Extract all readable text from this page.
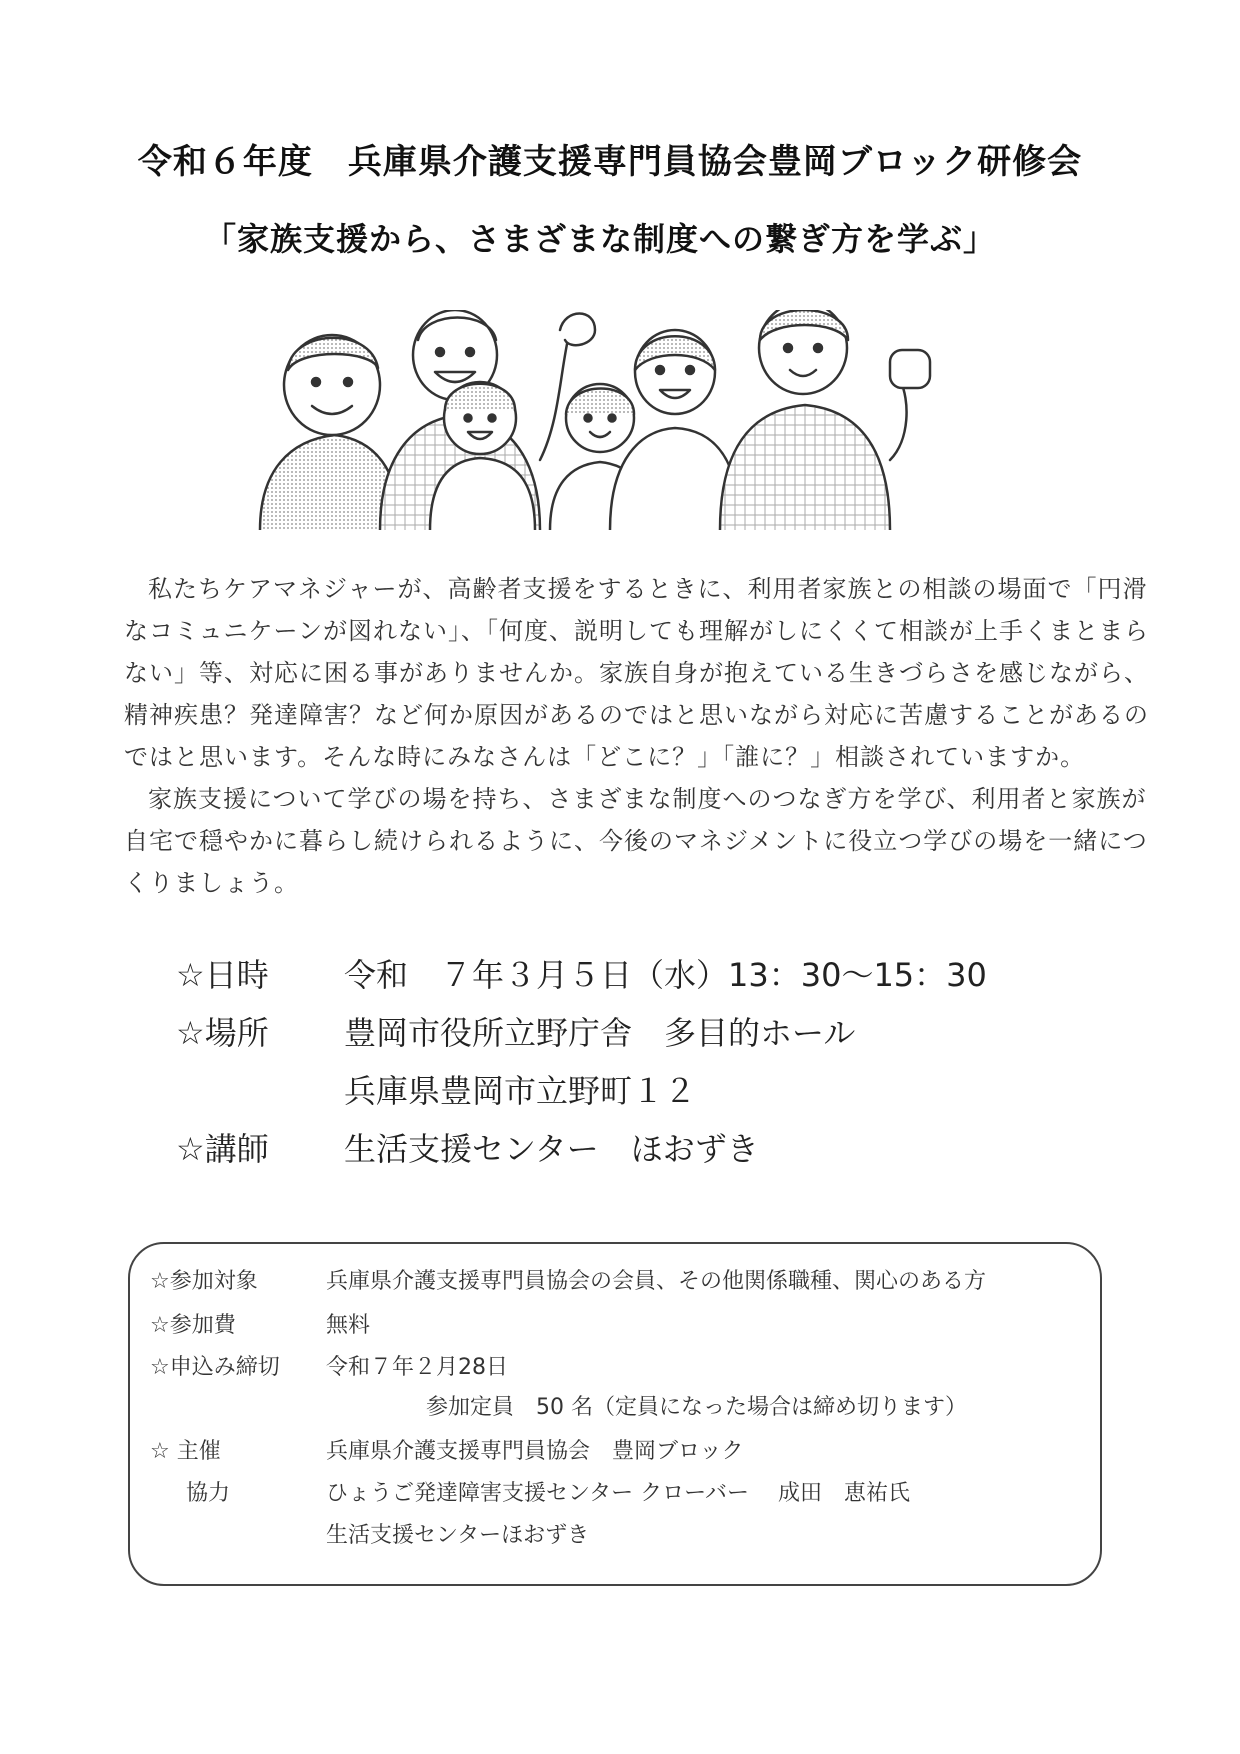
令和６年度　兵庫県介護支援専門員協会豊岡ブロック研修会
「家族支援から、さまざまな制度への繋ぎ方を学ぶ」

私たちケアマネジャーが、高齢者支援をするときに、利用者家族との相談の場面で「円滑なコミュニケーンが図れない」、「何度、説明しても理解がしにくくて相談が上手くまとまらない」等、対応に困る事がありませんか。家族自身が抱えている生きづらさを感じながら、精神疾患？発達障害？など何か原因があるのではと思いながら対応に苦慮することがあるのではと思います。そんな時にみなさんは「どこに？」「誰に？」相談されていますか。

家族支援について学びの場を持ち、さまざまな制度へのつなぎ方を学び、利用者と家族が自宅で穏やかに暮らし続けられるように、今後のマネジメントに役立つ学びの場を一緒につくりましょう。

☆日時	令和　７年３月５日（水）13：30〜15：30
☆場所	豊岡市役所立野庁舎　多目的ホール
兵庫県豊岡市立野町１２
☆講師	生活支援センター　ほおずき
☆参加対象	兵庫県介護支援専門員協会の会員、その他関係職種、関心のある方
☆参加費	無料
☆申込み締切	令和７年２月28日
参加定員　50 名（定員になった場合は締め切ります）
☆ 主催	兵庫県介護支援専門員協会　豊岡ブロック
協力	ひょうご発達障害支援センター クローバー　 成田　恵祐氏
生活支援センターほおずき
